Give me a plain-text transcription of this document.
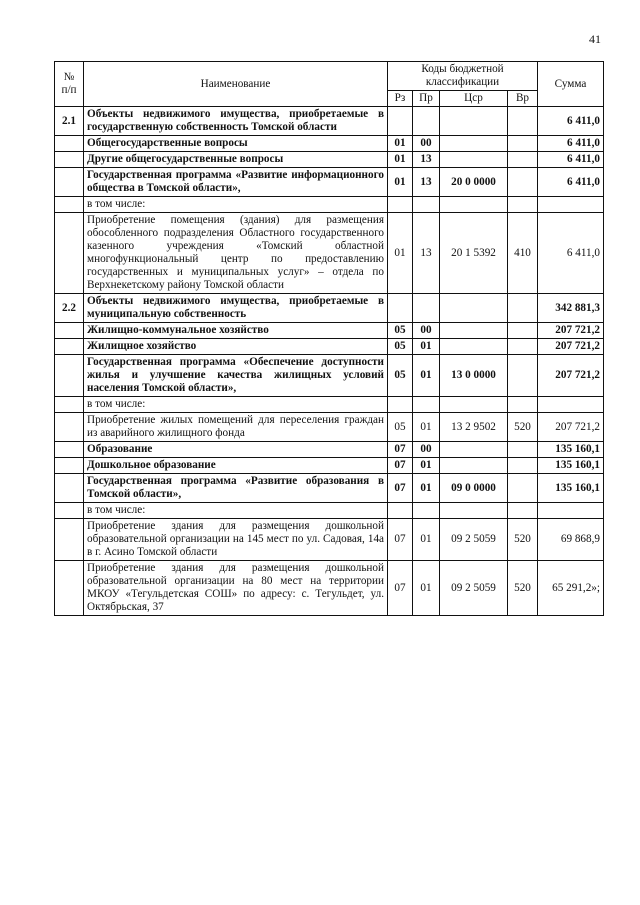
41
№ п/п	Наименование	Коды бюджетной классификации				Сумма
		Рз	Пр	Цср	Вр	
2.1	Объекты недвижимого имущества, приобретаемые в государственную собственность Томской области					6 411,0
	Общегосударственные вопросы	01	00			6 411,0
	Другие общегосударственные вопросы	01	13			6 411,0
	Государственная программа «Развитие информационного общества в Томской области»,	01	13	20 0 0000		6 411,0
	в том числе:					
	Приобретение помещения (здания) для размещения обособленного подразделения Областного государственного казенного учреждения «Томский областной многофункциональный центр по предоставлению государственных и муниципальных услуг» – отдела по Верхнекетскому району Томской области	01	13	20 1 5392	410	6 411,0
2.2	Объекты недвижимого имущества, приобретаемые в муниципальную собственность					342 881,3
	Жилищно-коммунальное хозяйство	05	00			207 721,2
	Жилищное хозяйство	05	01			207 721,2
	Государственная программа «Обеспечение доступности жилья и улучшение качества жилищных условий населения Томской области»,	05	01	13 0 0000		207 721,2
	в том числе:					
	Приобретение жилых помещений для переселения граждан из аварийного жилищного фонда	05	01	13 2 9502	520	207 721,2
	Образование	07	00			135 160,1
	Дошкольное образование	07	01			135 160,1
	Государственная программа «Развитие образования в Томской области»,	07	01	09 0 0000		135 160,1
	в том числе:					
	Приобретение здания для размещения дошкольной образовательной организации на 145 мест по ул. Садовая, 14а в г. Асино Томской области	07	01	09 2 5059	520	69 868,9
	Приобретение здания для размещения дошкольной образовательной организации на 80 мест на территории МКОУ «Тегульдетская СОШ» по адресу: с. Тегульдет, ул. Октябрьская, 37	07	01	09 2 5059	520	65 291,2»;
